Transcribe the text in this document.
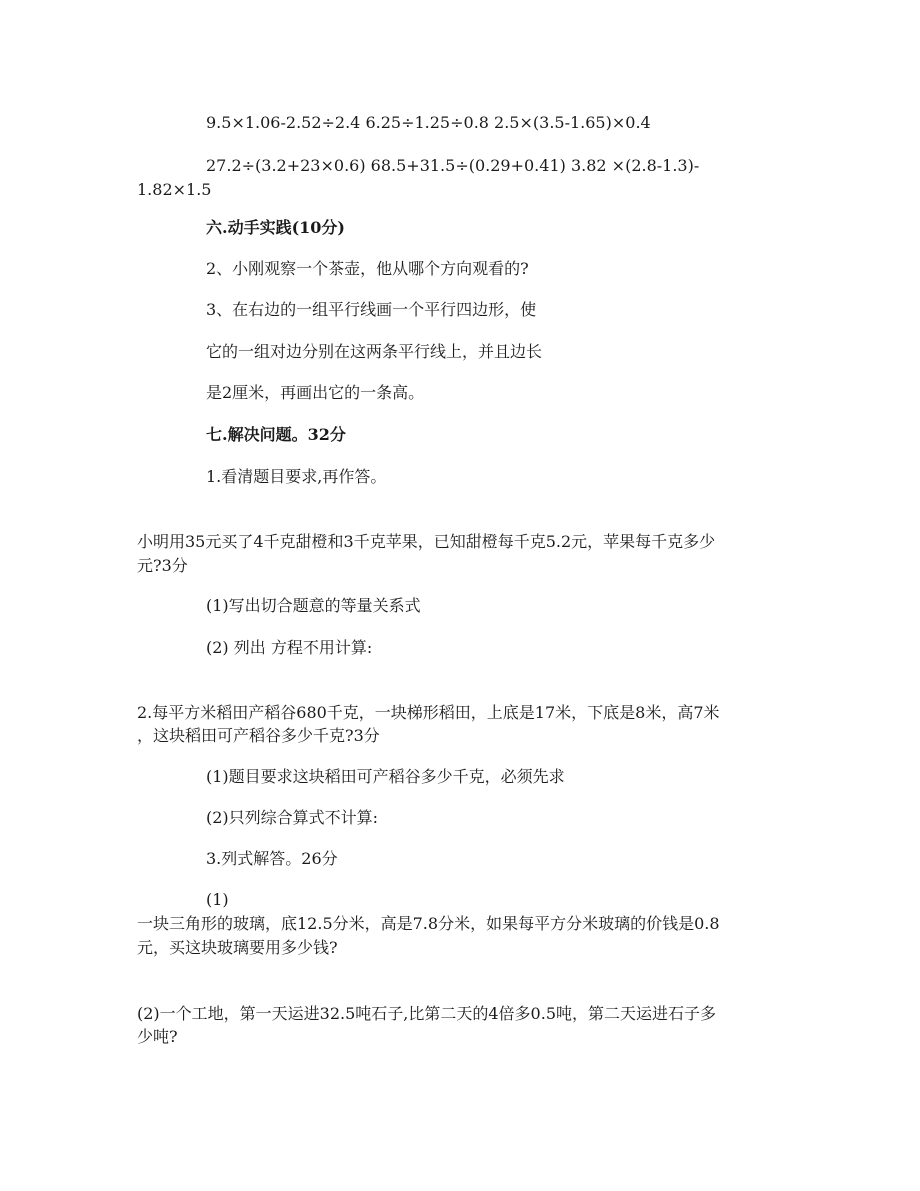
9.5×1.06-2.52÷2.4 6.25÷1.25÷0.8 2.5×(3.5-1.65)×0.4
27.2÷(3.2+23×0.6) 68.5+31.5÷(0.29+0.41) 3.82 ×(2.8-1.3)-
1.82×1.5
六.动手实践(10分)
2、小刚观察一个茶壶，他从哪个方向观看的?
3、在右边的一组平行线画一个平行四边形，使
它的一组对边分别在这两条平行线上，并且边长
是2厘米，再画出它的一条高。
七.解决问题。32分
1.看清题目要求,再作答。
小明用35元买了4千克甜橙和3千克苹果，已知甜橙每千克5.2元，苹果每千克多少
元?3分
(1)写出切合题意的等量关系式
(2) 列出 方程不用计算:
2.每平方米稻田产稻谷680千克，一块梯形稻田，上底是17米，下底是8米，高7米
，这块稻田可产稻谷多少千克?3分
(1)题目要求这块稻田可产稻谷多少千克，必须先求
(2)只列综合算式不计算:
3.列式解答。26分
(1)
一块三角形的玻璃，底12.5分米，高是7.8分米，如果每平方分米玻璃的价钱是0.8
元，买这块玻璃要用多少钱?
(2)一个工地，第一天运进32.5吨石子,比第二天的4倍多0.5吨，第二天运进石子多
少吨?
